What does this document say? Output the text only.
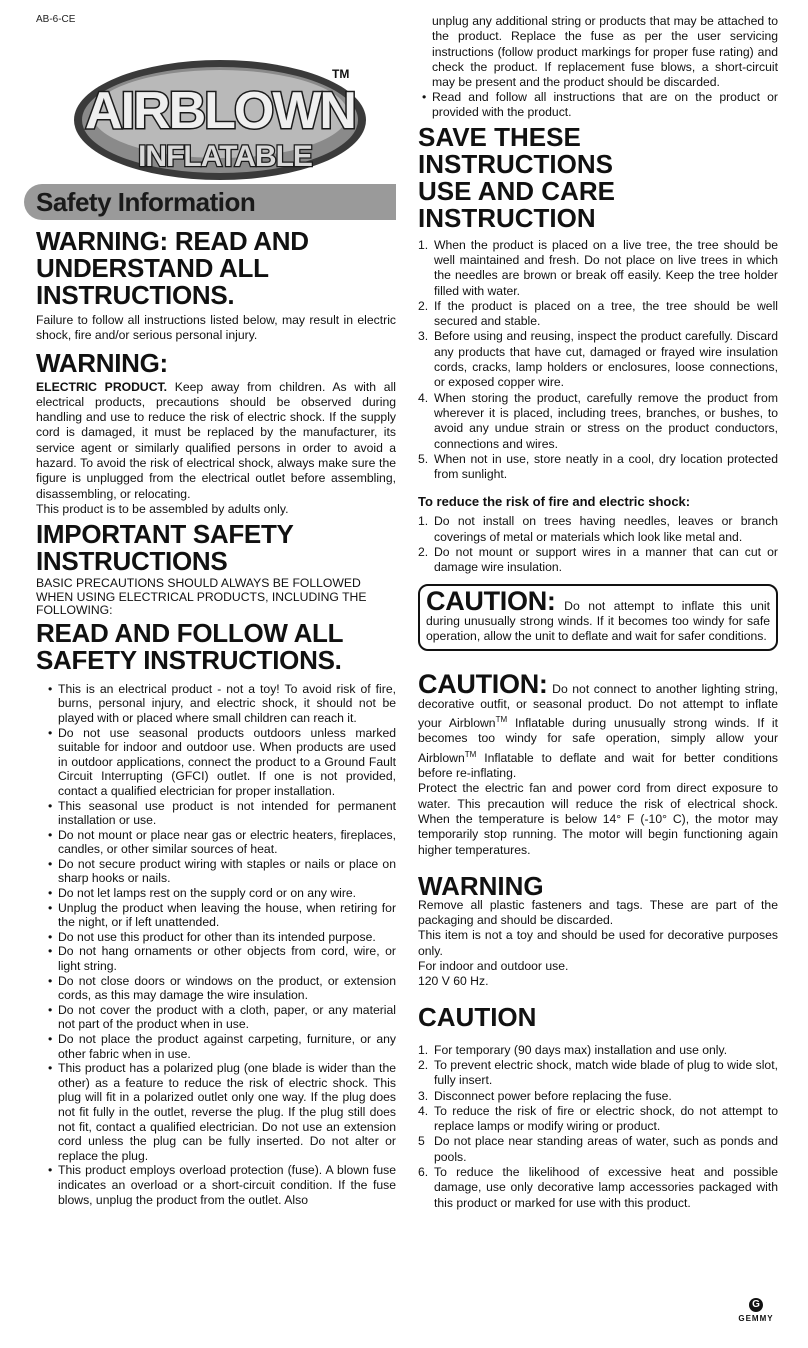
AB-6-CE
AIRBLOWN
INFLATABLE
TM
Safety Information
WARNING: READ AND UNDERSTAND ALL INSTRUCTIONS.

Failure to follow all instructions listed below, may result in electric shock, fire and/or serious personal injury.

WARNING:

ELECTRIC PRODUCT. Keep away from children. As with all electrical products, precautions should be observed during handling and use to reduce the risk of electric shock. If the supply cord is damaged, it must be replaced by the manufacturer, its service agent or similarly qualified persons in order to avoid a hazard. To avoid the risk of electrical shock, always make sure the figure is unplugged from the electrical outlet before assembling, disassembling, or relocating.

This product is to be assembled by adults only.

IMPORTANT SAFETY INSTRUCTIONS

BASIC PRECAUTIONS SHOULD ALWAYS BE FOLLOWED WHEN USING ELECTRICAL PRODUCTS, INCLUDING THE FOLLOWING:

READ AND FOLLOW ALL SAFETY INSTRUCTIONS.
• This is an electrical product - not a toy! To avoid risk of fire, burns, personal injury, and electric shock, it should not be played with or placed where small children can reach it.
• Do not use seasonal products outdoors unless marked suitable for indoor and outdoor use. When products are used in outdoor applications, connect the product to a Ground Fault Circuit Interrupting (GFCI) outlet. If one is not provided, contact a qualified electrician for proper installation.
• This seasonal use product is not intended for permanent installation or use.
• Do not mount or place near gas or electric heaters, fireplaces, candles, or other similar sources of heat.
• Do not secure product wiring with staples or nails or place on sharp hooks or nails.
• Do not let lamps rest on the supply cord or on any wire.
• Unplug the product when leaving the house, when retiring for the night, or if left unattended.
• Do not use this product for other than its intended purpose.
• Do not hang ornaments or other objects from cord, wire, or light string.
• Do not close doors or windows on the product, or extension cords, as this may damage the wire insulation.
• Do not cover the product with a cloth, paper, or any material not part of the product when in use.
• Do not place the product against carpeting, furniture, or any other fabric when in use.
• This product has a polarized plug (one blade is wider than the other) as a feature to reduce the risk of electric shock. This plug will fit in a polarized outlet only one way. If the plug does not fit fully in the outlet, reverse the plug. If the plug still does not fit, contact a qualified electrician. Do not use an extension cord unless the plug can be fully inserted. Do not alter or replace the plug.
• This product employs overload protection (fuse). A blown fuse indicates an overload or a short-circuit condition. If the fuse blows, unplug the product from the outlet. Also

unplug any additional string or products that may be attached to the product. Replace the fuse as per the user servicing instructions (follow product markings for proper fuse rating) and check the product. If replacement fuse blows, a short-circuit may be present and the product should be discarded.

• Read and follow all instructions that are on the product or provided with the product.
SAVE THESE INSTRUCTIONS
USE AND CARE INSTRUCTION
1. When the product is placed on a live tree, the tree should be well maintained and fresh. Do not place on live trees in which the needles are brown or break off easily. Keep the tree holder filled with water.
2. If the product is placed on a tree, the tree should be well secured and stable.
3. Before using and reusing, inspect the product carefully. Discard any products that have cut, damaged or frayed wire insulation cords, cracks, lamp holders or enclosures, loose connections, or exposed copper wire.
4. When storing the product, carefully remove the product from wherever it is placed, including trees, branches, or bushes, to avoid any undue strain or stress on the product conductors, connections and wires.
5. When not in use, store neatly in a cool, dry location protected from sunlight.

To reduce the risk of fire and electric shock:

1. Do not install on trees having needles, leaves or branch coverings of metal or materials which look like metal and.
2. Do not mount or support wires in a manner that can cut or damage wire insulation.

CAUTION: Do not attempt to inflate this unit during unusually strong winds. If it becomes too windy for safe operation, allow the unit to deflate and wait for safer conditions.

CAUTION: Do not connect to another lighting string, decorative outfit, or seasonal product. Do not attempt to inflate your Airblown™ Inflatable during unusually strong winds. If it becomes too windy for safe operation, simply allow your Airblown™ Inflatable to deflate and wait for better conditions before re-inflating.

Protect the electric fan and power cord from direct exposure to water. This precaution will reduce the risk of electrical shock. When the temperature is below 14° F (-10° C), the motor may temporarily stop running. The motor will begin functioning again higher temperatures.

WARNING

Remove all plastic fasteners and tags. These are part of the packaging and should be discarded.

This item is not a toy and should be used for decorative purposes only.

For indoor and outdoor use.

120 V 60 Hz.

CAUTION
1. For temporary (90 days max) installation and use only.
2. To prevent electric shock, match wide blade of plug to wide slot, fully insert.
3. Disconnect power before replacing the fuse.
4. To reduce the risk of fire or electric shock, do not attempt to replace lamps or modify wiring or product.
5 Do not place near standing areas of water, such as ponds and pools.
6. To reduce the likelihood of excessive heat and possible damage, use only decorative lamp accessories packaged with this product or marked for use with this product.
G
GEMMY
